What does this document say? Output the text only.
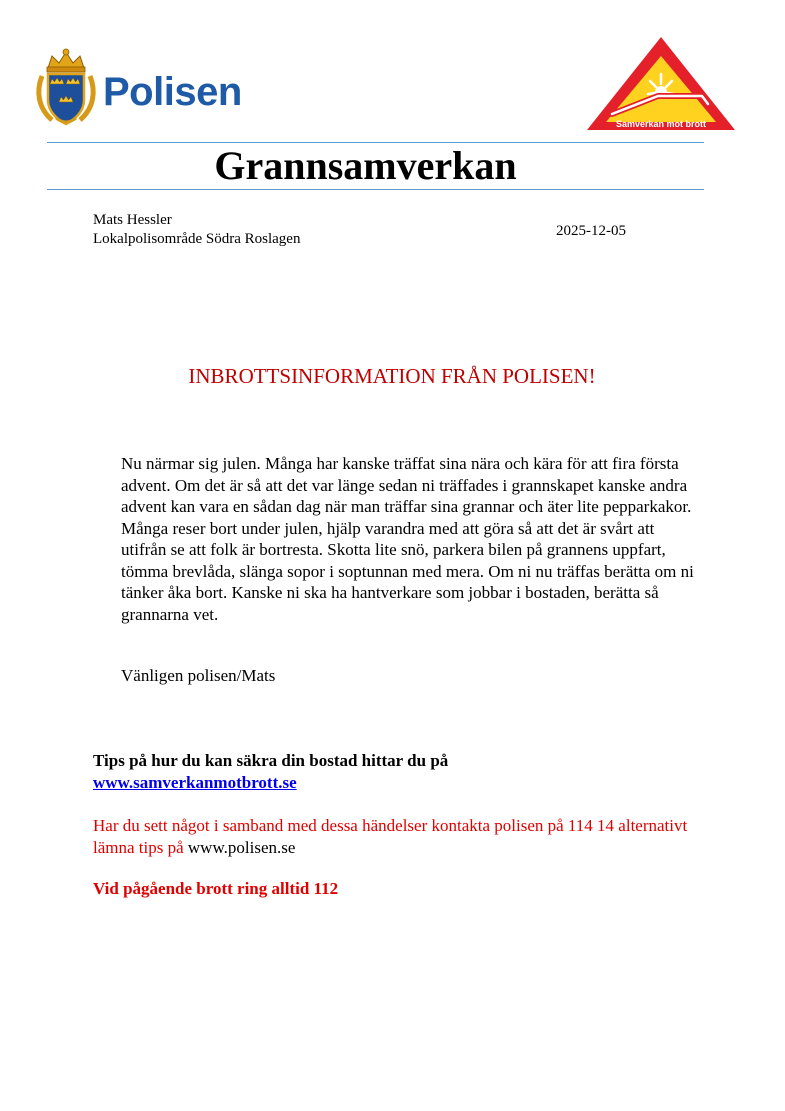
Polisen
Samverkan mot brott
Grannsamverkan
Mats Hessler
Lokalpolisområde Södra Roslagen	2025-12-05
INBROTTSINFORMATION FRÅN POLISEN!
Nu närmar sig julen. Många har kanske träffat sina nära och kära för att fira första advent. Om det är så att det var länge sedan ni träffades i grannskapet kanske andra advent kan vara en sådan dag när man träffar sina grannar och äter lite pepparkakor. Många reser bort under julen, hjälp varandra med att göra så att det är svårt att utifrån se att folk är bortresta. Skotta lite snö, parkera bilen på grannens uppfart, tömma brevlåda, slänga sopor i soptunnan med mera. Om ni nu träffas berätta om ni tänker åka bort. Kanske ni ska ha hantverkare som jobbar i bostaden, berätta så grannarna vet.
Vänligen polisen/Mats
Tips på hur du kan säkra din bostad hittar du på
www.samverkanmotbrott.se
Har du sett något i samband med dessa händelser kontakta polisen på 114 14 alternativt lämna tips på www.polisen.se
Vid pågående brott ring alltid 112
